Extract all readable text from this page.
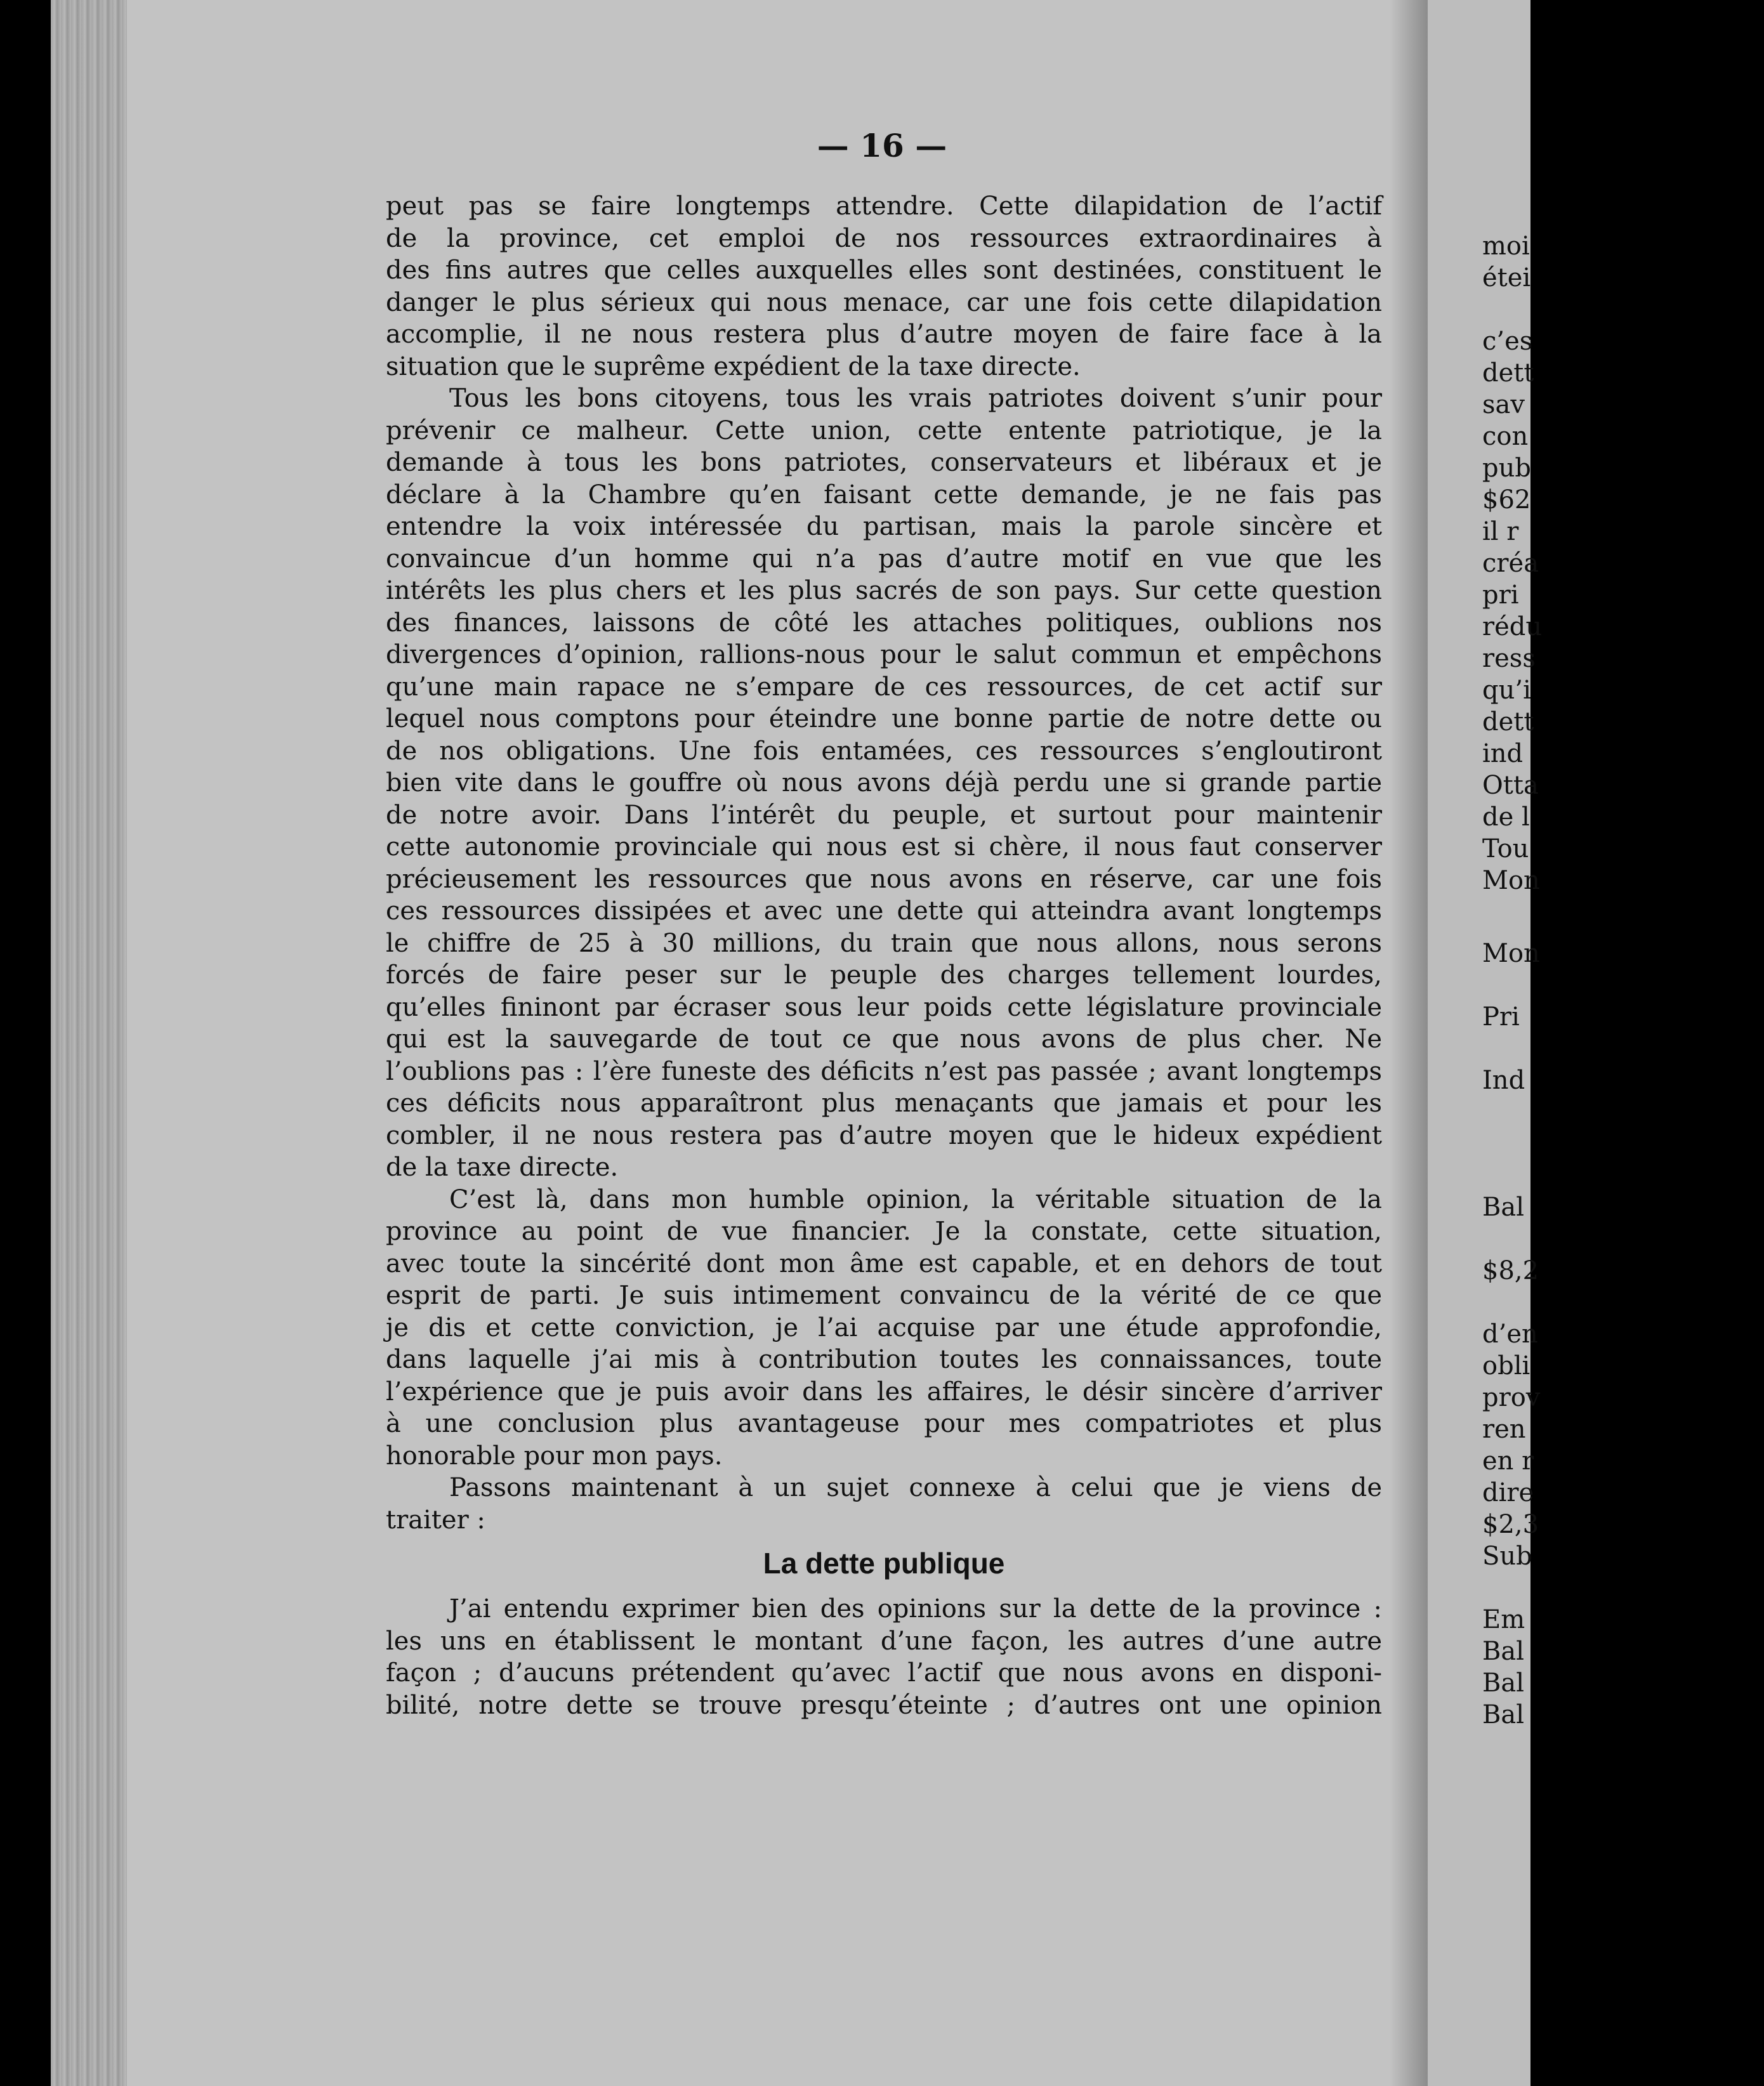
— 16 —
peut pas se faire longtemps attendre. Cette dilapidation de l’actif
de la province, cet emploi de nos ressources extraordinaires à
des fins autres que celles auxquelles elles sont destinées, constituent le
danger le plus sérieux qui nous menace, car une fois cette dilapidation
accomplie, il ne nous restera plus d’autre moyen de faire face à la
situation que le suprême expédient de la taxe directe.
Tous les bons citoyens, tous les vrais patriotes doivent s’unir pour
prévenir ce malheur. Cette union, cette entente patriotique, je la
demande à tous les bons patriotes, conservateurs et libéraux et je
déclare à la Chambre qu’en faisant cette demande, je ne fais pas
entendre la voix intéressée du partisan, mais la parole sincère et
convaincue d’un homme qui n’a pas d’autre motif en vue que les
intérêts les plus chers et les plus sacrés de son pays. Sur cette question
des finances, laissons de côté les attaches politiques, oublions nos
divergences d’opinion, rallions-nous pour le salut commun et empêchons
qu’une main rapace ne s’empare de ces ressources, de cet actif sur
lequel nous comptons pour éteindre une bonne partie de notre dette ou
de nos obligations. Une fois entamées, ces ressources s’engloutiront
bien vite dans le gouffre où nous avons déjà perdu une si grande partie
de notre avoir. Dans l’intérêt du peuple, et surtout pour maintenir
cette autonomie provinciale qui nous est si chère, il nous faut conserver
précieusement les ressources que nous avons en réserve, car une fois
ces ressources dissipées et avec une dette qui atteindra avant longtemps
le chiffre de 25 à 30 millions, du train que nous allons, nous serons
forcés de faire peser sur le peuple des charges tellement lourdes,
qu’elles fininont par écraser sous leur poids cette législature provinciale
qui est la sauvegarde de tout ce que nous avons de plus cher. Ne
l’oublions pas : l’ère funeste des déficits n’est pas passée ; avant longtemps
ces déficits nous apparaîtront plus menaçants que jamais et pour les
combler, il ne nous restera pas d’autre moyen que le hideux expédient
de la taxe directe.
C’est là, dans mon humble opinion, la véritable situation de la
province au point de vue financier. Je la constate, cette situation,
avec toute la sincérité dont mon âme est capable, et en dehors de tout
esprit de parti. Je suis intimement convaincu de la vérité de ce que
je dis et cette conviction, je l’ai acquise par une étude approfondie,
dans laquelle j’ai mis à contribution toutes les connaissances, toute
l’expérience que je puis avoir dans les affaires, le désir sincère d’arriver
à une conclusion plus avantageuse pour mes compatriotes et plus
honorable pour mon pays.
Passons maintenant à un sujet connexe à celui que je viens de
traiter :
La dette publique
J’ai entendu exprimer bien des opinions sur la dette de la province :
les uns en établissent le montant d’une façon, les autres d’une autre
façon ; d’aucuns prétendent qu’avec l’actif que nous avons en disponi-
bilité, notre dette se trouve presqu’éteinte ; d’autres ont une opinion
moi
étei
c’es
dett
sav
con
pub
$62
il r
créa
pri
rédu
ress
qu’i
dett
ind
Otta
de l
Tou
Mon
Mon
Pri
Ind
Bal
$8,2
d’en
obli
prov
ren
en r
dire
$2,3
Sub
Em
Bal
Bal
Bal
